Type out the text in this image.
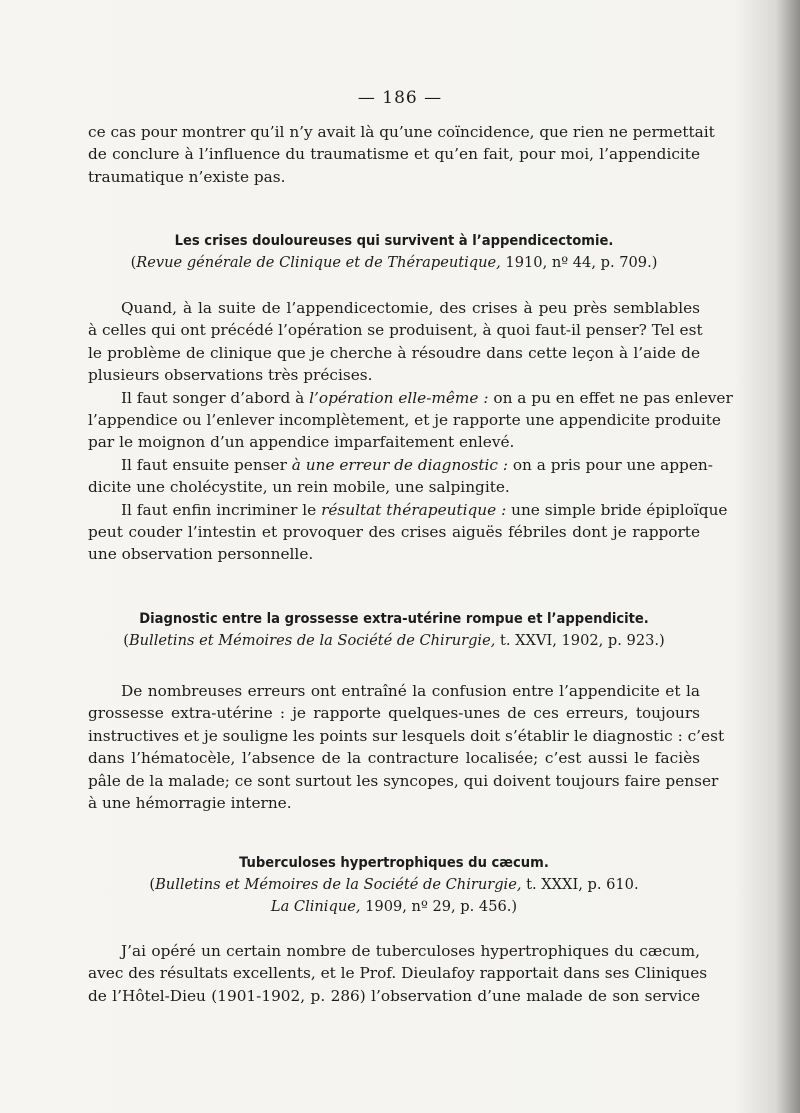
— 186 —
ce cas pour montrer qu’il n’y avait là qu’une coïncidence, que rien ne permettait
de conclure à l’influence du traumatisme et qu’en fait, pour moi, l’appendicite
traumatique n’existe pas.
Les crises douloureuses qui survivent à l’appendicectomie.
(Revue générale de Clinique et de Thérapeutique, 1910, nº 44, p. 709.)
Quand, à la suite de l’appendicectomie, des crises à peu près semblables
à celles qui ont précédé l’opération se produisent, à quoi faut-il penser? Tel est
le problème de clinique que je cherche à résoudre dans cette leçon à l’aide de
plusieurs observations très précises.
Il faut songer d’abord à l’opération elle-même : on a pu en effet ne pas enlever
l’appendice ou l’enlever incomplètement, et je rapporte une appendicite produite
par le moignon d’un appendice imparfaitement enlevé.
Il faut ensuite penser à une erreur de diagnostic : on a pris pour une appen-
dicite une cholécystite, un rein mobile, une salpingite.
Il faut enfin incriminer le résultat thérapeutique : une simple bride épiploïque
peut couder l’intestin et provoquer des crises aiguës fébriles dont je rapporte
une observation personnelle.
Diagnostic entre la grossesse extra-utérine rompue et l’appendicite.
(Bulletins et Mémoires de la Société de Chirurgie, t. XXVI, 1902, p. 923.)
De nombreuses erreurs ont entraîné la confusion entre l’appendicite et la
grossesse extra-utérine : je rapporte quelques-unes de ces erreurs, toujours
instructives et je souligne les points sur lesquels doit s’établir le diagnostic : c’est
dans l’hématocèle, l’absence de la contracture localisée; c’est aussi le faciès
pâle de la malade; ce sont surtout les syncopes, qui doivent toujours faire penser
à une hémorragie interne.
Tuberculoses hypertrophiques du cæcum.
(Bulletins et Mémoires de la Société de Chirurgie, t. XXXI, p. 610.
La Clinique, 1909, nº 29, p. 456.)
J’ai opéré un certain nombre de tuberculoses hypertrophiques du cæcum,
avec des résultats excellents, et le Prof. Dieulafoy rapportait dans ses Cliniques
de l’Hôtel-Dieu (1901-1902, p. 286) l’observation d’une malade de son service
